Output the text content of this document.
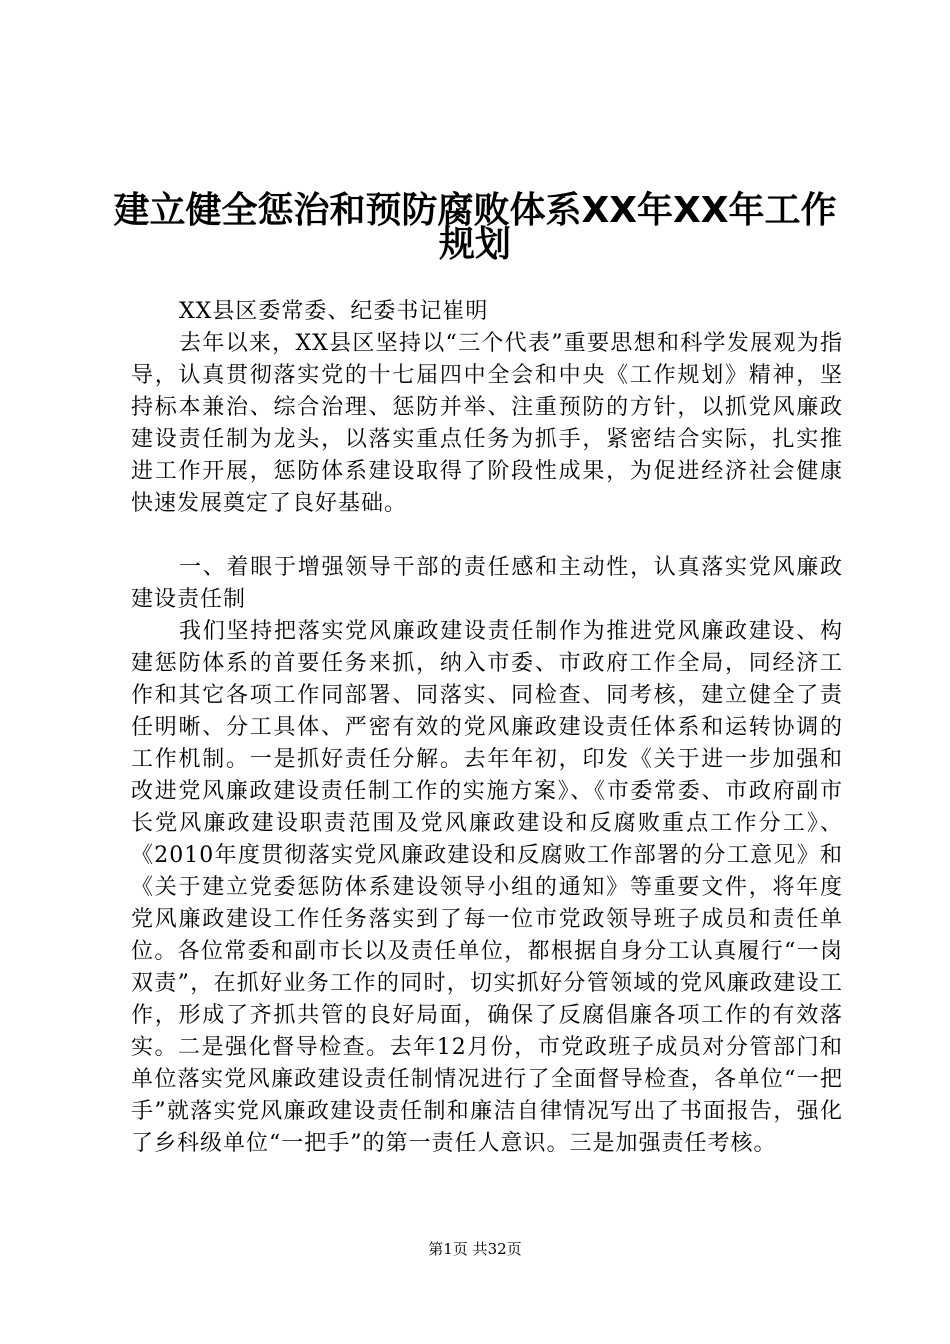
建立健全惩治和预防腐败体系XX年XX年工作
规划

XX县区委常委、纪委书记崔明

去年以来，XX县区坚持以“三个代表”重要思想和科学发展观为指导，认真贯彻落实党的十七届四中全会和中央《工作规划》精神，坚持标本兼治、综合治理、惩防并举、注重预防的方针，以抓党风廉政建设责任制为龙头，以落实重点任务为抓手，紧密结合实际，扎实推进工作开展，惩防体系建设取得了阶段性成果，为促进经济社会健康快速发展奠定了良好基础。

一、着眼于增强领导干部的责任感和主动性，认真落实党风廉政建设责任制

我们坚持把落实党风廉政建设责任制作为推进党风廉政建设、构建惩防体系的首要任务来抓，纳入市委、市政府工作全局，同经济工作和其它各项工作同部署、同落实、同检查、同考核，建立健全了责任明晰、分工具体、严密有效的党风廉政建设责任体系和运转协调的工作机制。一是抓好责任分解。去年年初，印发《关于进一步加强和改进党风廉政建设责任制工作的实施方案》、《市委常委、市政府副市长党风廉政建设职责范围及党风廉政建设和反腐败重点工作分工》、《2010年度贯彻落实党风廉政建设和反腐败工作部署的分工意见》和《关于建立党委惩防体系建设领导小组的通知》等重要文件，将年度党风廉政建设工作任务落实到了每一位市党政领导班子成员和责任单位。各位常委和副市长以及责任单位，都根据自身分工认真履行“一岗双责”，在抓好业务工作的同时，切实抓好分管领域的党风廉政建设工作，形成了齐抓共管的良好局面，确保了反腐倡廉各项工作的有效落实。二是强化督导检查。去年12月份，市党政班子成员对分管部门和单位落实党风廉政建设责任制情况进行了全面督导检查，各单位“一把手”就落实党风廉政建设责任制和廉洁自律情况写出了书面报告，强化了乡科级单位“一把手”的第一责任人意识。三是加强责任考核。

第1页 共32页
